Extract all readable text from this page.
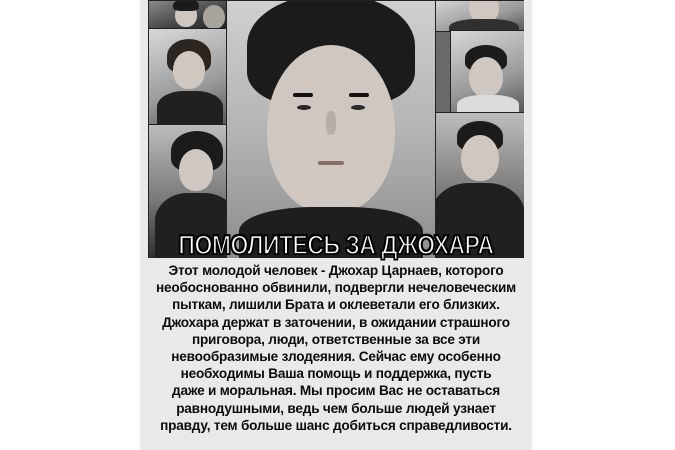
ПОМОЛИТЕСЬ ЗА ДЖОХАРА

Этот молодой человек - Джохар Царнаев, которого
необоснованно обвинили, подвергли нечеловеческим
пыткам, лишили Брата и оклеветали его близких.
Джохара держат в заточении, в ожидании страшного
приговора, люди, ответственные за все эти
невообразимые злодеяния. Сейчас ему особенно
необходимы Ваша помощь и поддержка, пусть
даже и моральная. Мы просим Вас не оставаться
равнодушными, ведь чем больше людей узнает
правду, тем больше шанс добиться справедливости.
